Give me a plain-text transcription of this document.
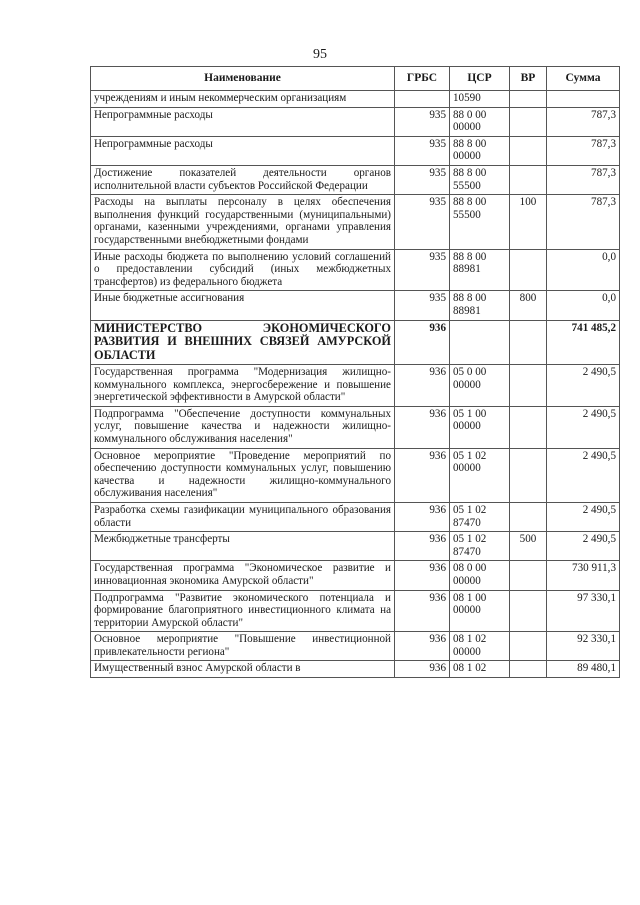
95
Наименование	ГРБС	ЦСР	ВР	Сумма
учреждениям и иным некоммерческим организациям		10590		
Непрограммные расходы	935	88 0 00 00000		787,3
Непрограммные расходы	935	88 8 00 00000		787,3
Достижение показателей деятельности органов исполнительной власти субъектов Российской Федерации	935	88 8 00 55500		787,3
Расходы на выплаты персоналу в целях обеспечения выполнения функций государственными (муниципальными) органами, казенными учреждениями, органами управления государственными внебюджетными фондами	935	88 8 00 55500	100	787,3
Иные расходы бюджета по выполнению условий соглашений о предоставлении субсидий (иных межбюджетных трансфертов) из федерального бюджета	935	88 8 00 88981		0,0
Иные бюджетные ассигнования	935	88 8 00 88981	800	0,0
МИНИСТЕРСТВО ЭКОНОМИЧЕСКОГО РАЗВИТИЯ И ВНЕШНИХ СВЯЗЕЙ АМУРСКОЙ ОБЛАСТИ	936			741 485,2
Государственная программа "Модернизация жилищно-коммунального комплекса, энергосбережение и повышение энергетической эффективности в Амурской области"	936	05 0 00 00000		2 490,5
Подпрограмма "Обеспечение доступности коммунальных услуг, повышение качества и надежности жилищно-коммунального обслуживания населения"	936	05 1 00 00000		2 490,5
Основное мероприятие "Проведение мероприятий по обеспечению доступности коммунальных услуг, повышению качества и надежности жилищно-коммунального обслуживания населения"	936	05 1 02 00000		2 490,5
Разработка схемы газификации муниципального образования области	936	05 1 02 87470		2 490,5
Межбюджетные трансферты	936	05 1 02 87470	500	2 490,5
Государственная программа "Экономическое развитие и инновационная экономика Амурской области"	936	08 0 00 00000		730 911,3
Подпрограмма "Развитие экономического потенциала и формирование благоприятного инвестиционного климата на территории Амурской области"	936	08 1 00 00000		97 330,1
Основное мероприятие "Повышение инвестиционной привлекательности региона"	936	08 1 02 00000		92 330,1
Имущественный взнос Амурской области в	936	08 1 02		89 480,1
